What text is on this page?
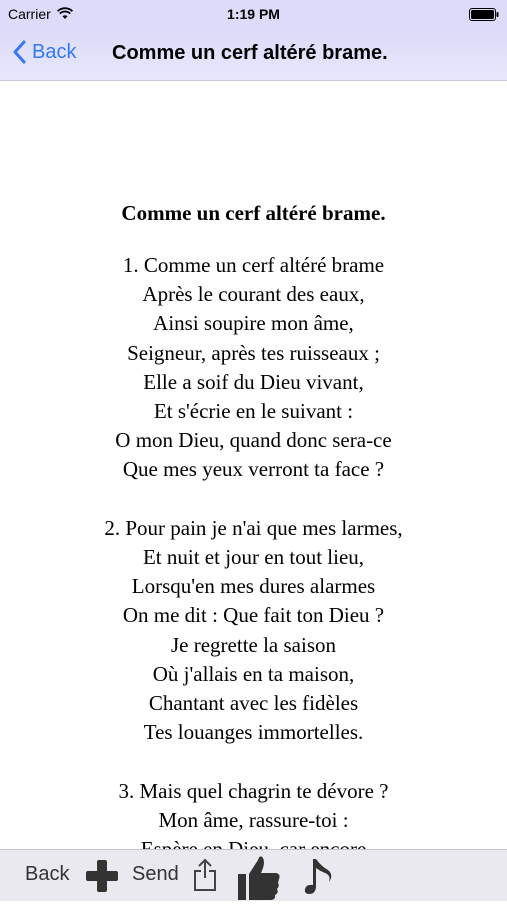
Carrier	1:19 PM
Back Comme un cerf altéré brame.
Comme un cerf altéré brame.
1. Comme un cerf altéré brame
Après le courant des eaux,
Ainsi soupire mon âme,
Seigneur, après tes ruisseaux ;
Elle a soif du Dieu vivant,
Et s'écrie en le suivant :
O mon Dieu, quand donc sera-ce
Que mes yeux verront ta face ?
2. Pour pain je n'ai que mes larmes,
Et nuit et jour en tout lieu,
Lorsqu'en mes dures alarmes
On me dit : Que fait ton Dieu ?
Je regrette la saison
Où j'allais en ta maison,
Chantant avec les fidèles
Tes louanges immortelles.
3. Mais quel chagrin te dévore ?
Mon âme, rassure-toi :
Back	Send
